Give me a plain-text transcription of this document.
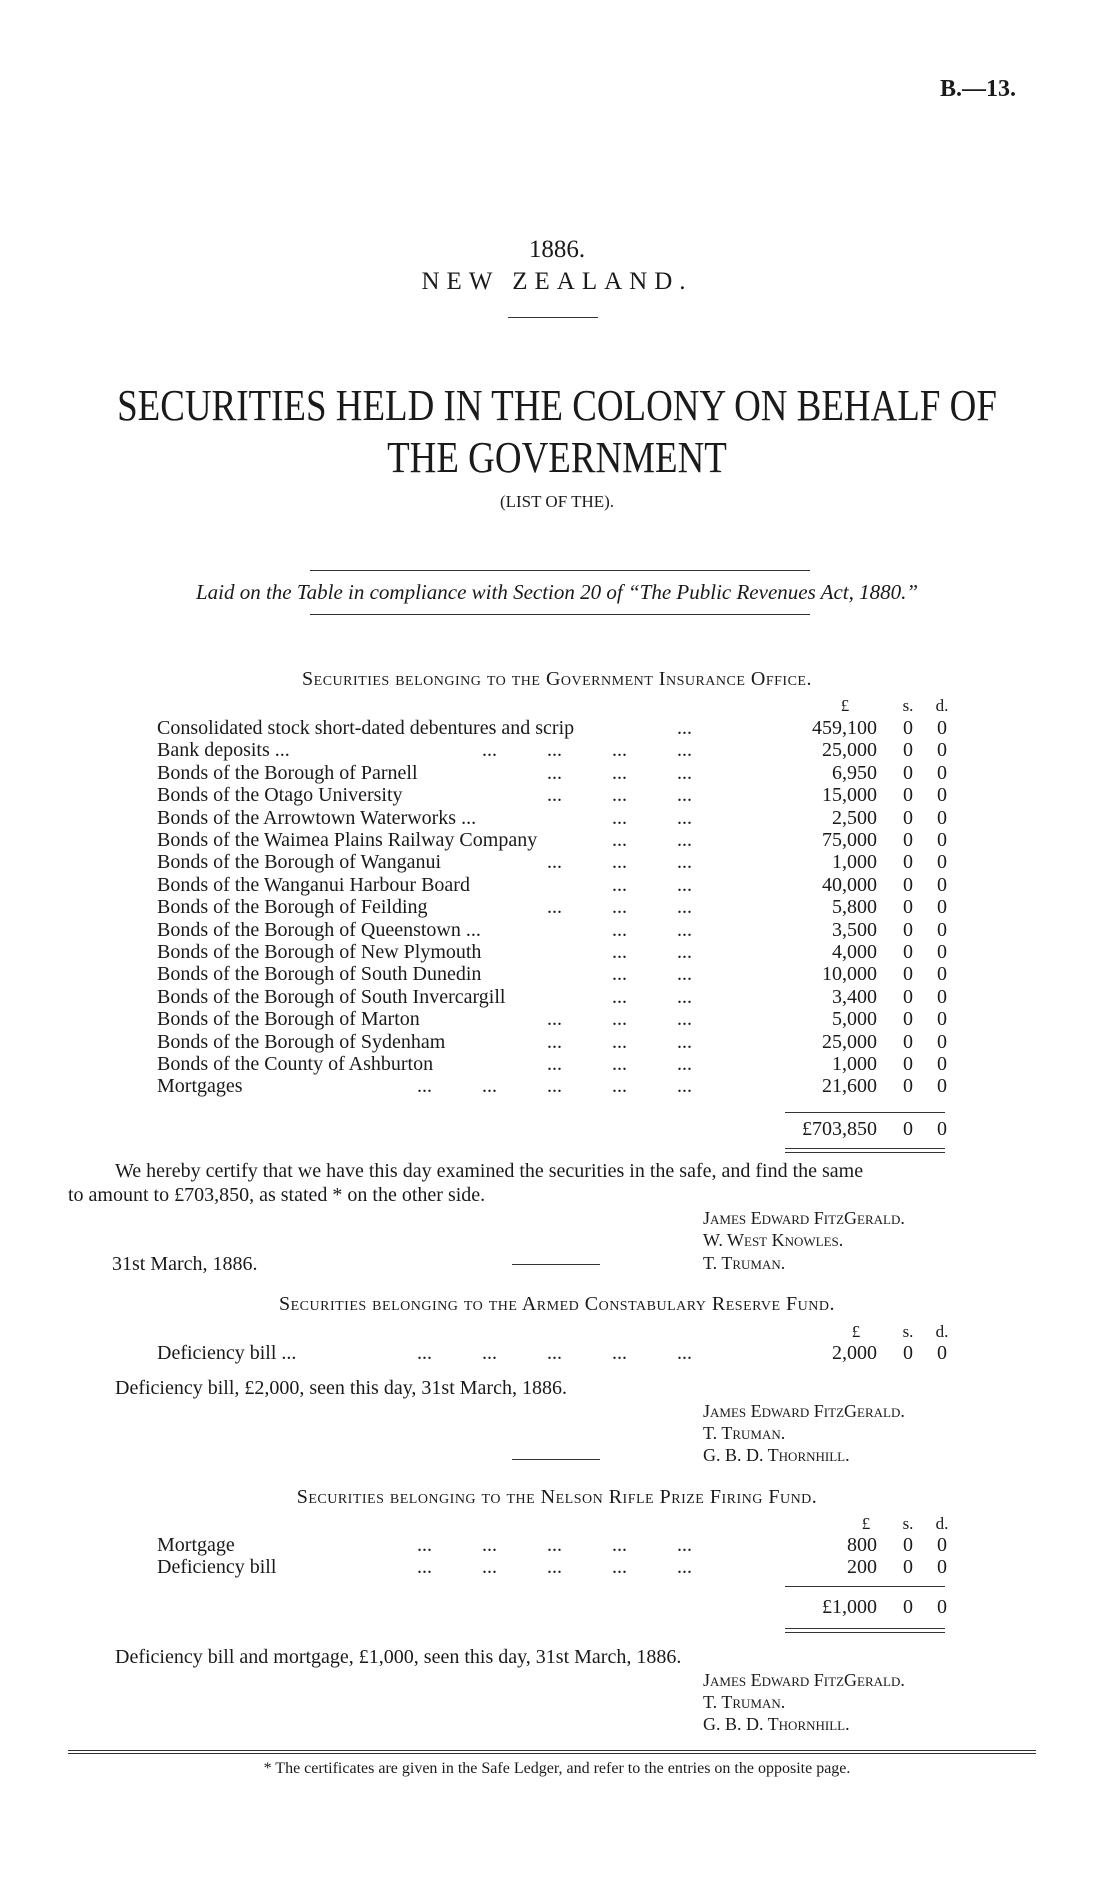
B.—13.
1886.
NEW ZEALAND.
SECURITIES HELD IN THE COLONY ON BEHALF OF
THE GOVERNMENT
(LIST OF THE).
Laid on the Table in compliance with Section 20 of “The Public Revenues Act, 1880.”
Securities belonging to the Government Insurance Office.
£	s. d.
Consolidated stock short-dated debentures and scrip	...	459,100 0 0
Bank deposits ...	...          ...          ...          ...	25,000 0 0
Bonds of the Borough of Parnell	...          ...          ...	6,950 0 0
Bonds of the Otago University	...          ...          ...	15,000 0 0
Bonds of the Arrowtown Waterworks ...	...          ...	2,500 0 0
Bonds of the Waimea Plains Railway Company	...          ...	75,000 0 0
Bonds of the Borough of Wanganui	...          ...          ...	1,000 0 0
Bonds of the Wanganui Harbour Board	...          ...	40,000 0 0
Bonds of the Borough of Feilding	...          ...          ...	5,800 0 0
Bonds of the Borough of Queenstown ...	...          ...	3,500 0 0
Bonds of the Borough of New Plymouth	...          ...	4,000 0 0
Bonds of the Borough of South Dunedin	...          ...	10,000 0 0
Bonds of the Borough of South Invercargill	...          ...	3,400 0 0
Bonds of the Borough of Marton	...          ...          ...	5,000 0 0
Bonds of the Borough of Sydenham	...          ...          ...	25,000 0 0
Bonds of the County of Ashburton	...          ...          ...	1,000 0 0
Mortgages	...          ...          ...          ...          ...	21,600 0 0
£703,850 0 0
We hereby certify that we have this day examined the securities in the safe, and find the same
to amount to £703,850, as stated * on the other side.
James Edward FitzGerald.
W. West Knowles.
31st March, 1886.	T. Truman.
Securities belonging to the Armed Constabulary Reserve Fund.
£	s. d.
Deficiency bill ...	...          ...          ...          ...          ...	2,000 0 0
Deficiency bill, £2,000, seen this day, 31st March, 1886.
James Edward FitzGerald.
T. Truman.
G. B. D. Thornhill.
Securities belonging to the Nelson Rifle Prize Firing Fund.
£	s. d.
Mortgage	...          ...          ...          ...          ...	800 0 0
Deficiency bill	...          ...          ...          ...          ...	200 0 0
£1,000 0 0
Deficiency bill and mortgage, £1,000, seen this day, 31st March, 1886.
James Edward FitzGerald.
T. Truman.
G. B. D. Thornhill.
* The certificates are given in the Safe Ledger, and refer to the entries on the opposite page.
